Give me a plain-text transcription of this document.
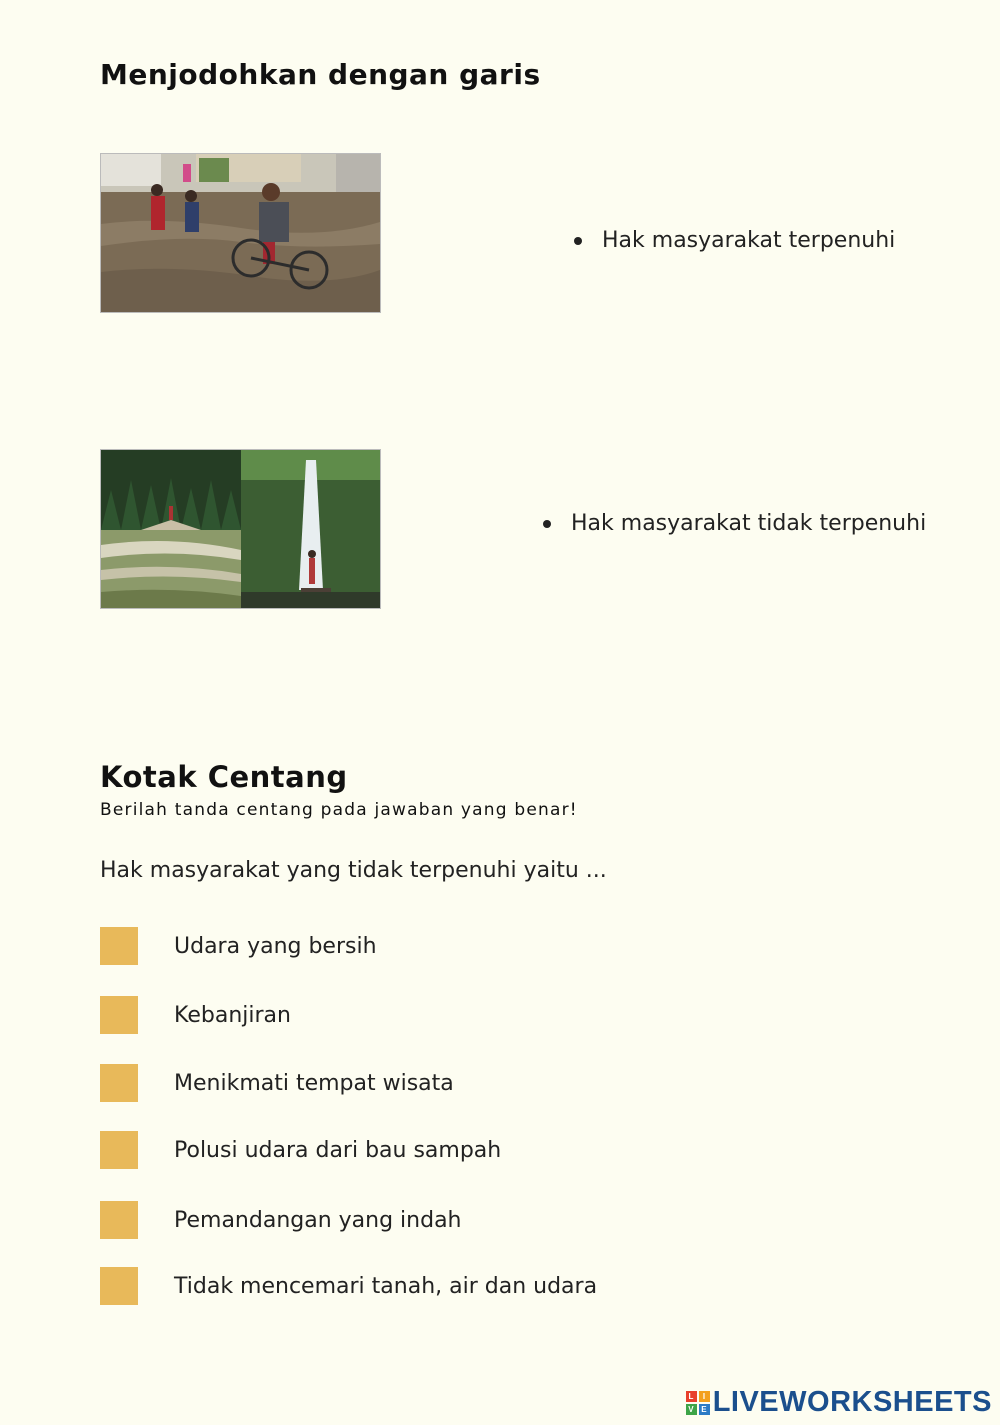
Menjodohkan dengan garis
Hak masyarakat terpenuhi
Hak masyarakat tidak terpenuhi
Kotak Centang

Berilah tanda centang pada jawaban yang benar!

Hak masyarakat yang tidak terpenuhi yaitu ...

Udara yang bersih
Kebanjiran
Menikmati tempat wisata
Polusi udara dari bau sampah
Pemandangan yang indah
Tidak mencemari tanah, air dan udara
L	I
V E LIVEWORKSHEETS
